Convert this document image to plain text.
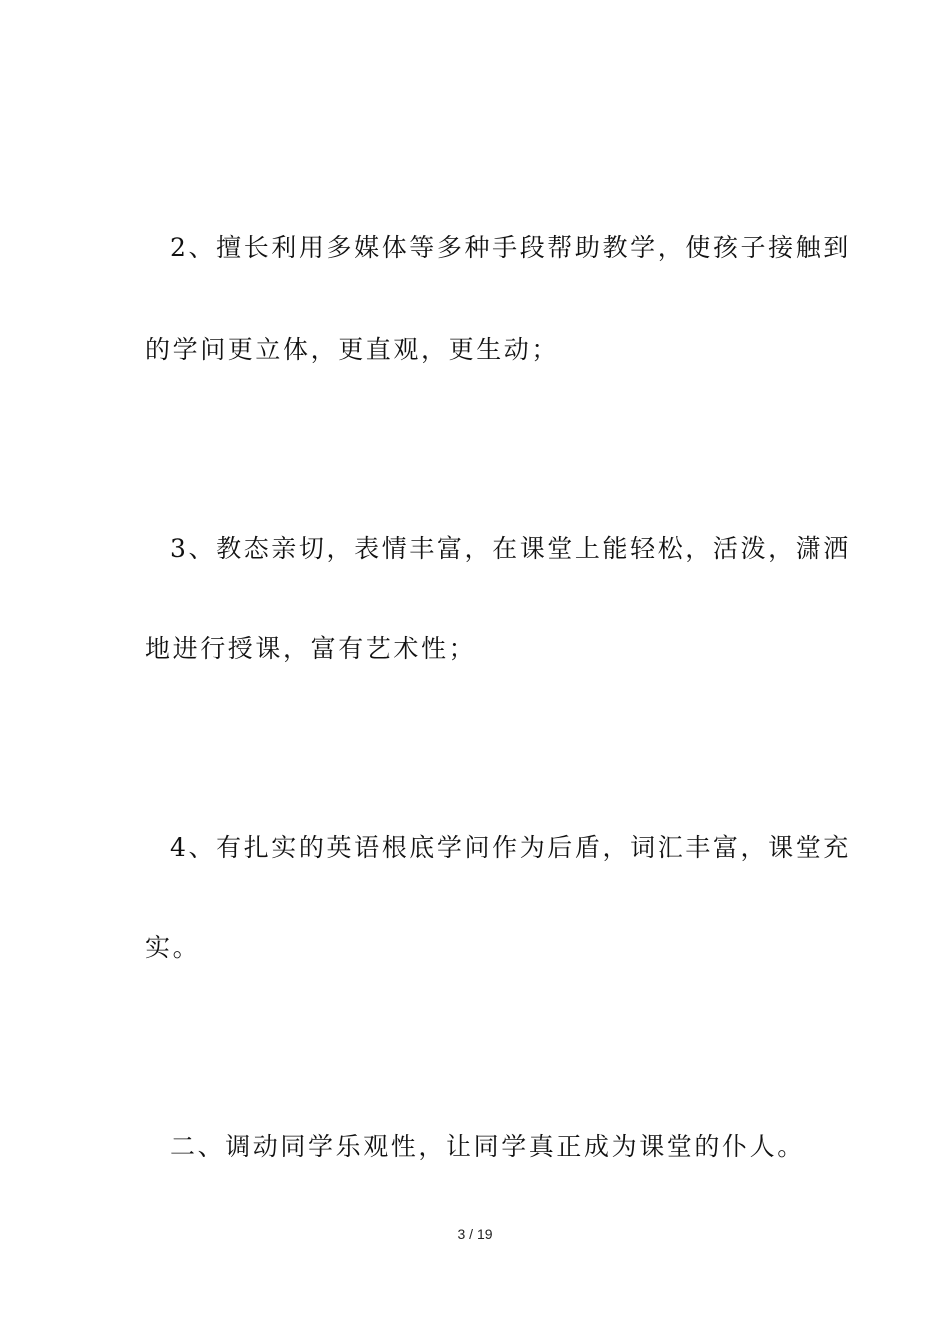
2、擅长利用多媒体等多种手段帮助教学，使孩子接触到
的学问更立体，更直观，更生动；
3、教态亲切，表情丰富，在课堂上能轻松，活泼，潇洒
地进行授课，富有艺术性；
4、有扎实的英语根底学问作为后盾，词汇丰富，课堂充
实。
二、调动同学乐观性，让同学真正成为课堂的仆人。
3 / 19
